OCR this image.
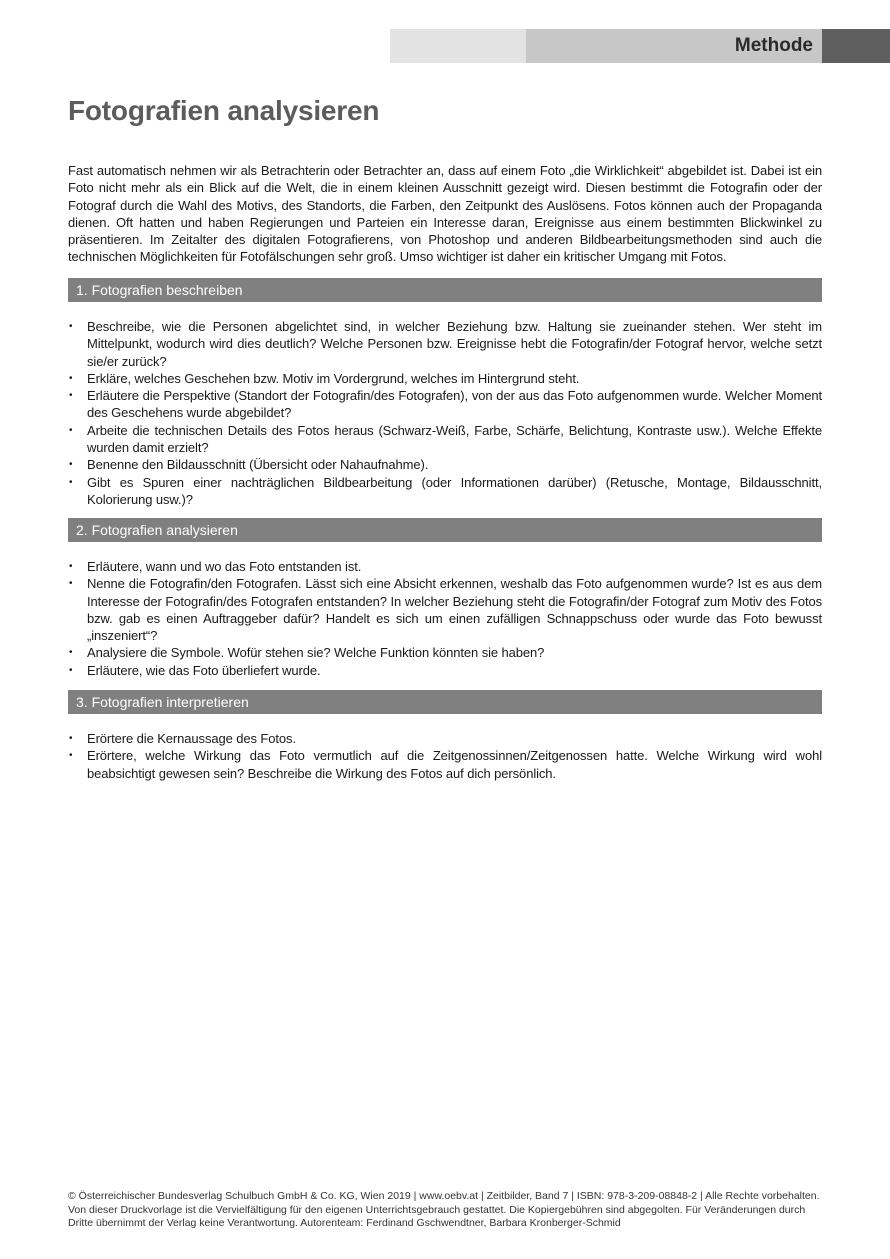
Methode
Fotografien analysieren

Fast automatisch nehmen wir als Betrachterin oder Betrachter an, dass auf einem Foto „die Wirklichkeit“ abgebildet ist. Dabei ist ein Foto nicht mehr als ein Blick auf die Welt, die in einem kleinen Ausschnitt gezeigt wird. Diesen bestimmt die Fotografin oder der Fotograf durch die Wahl des Motivs, des Standorts, die Farben, den Zeitpunkt des Auslösens. Fotos können auch der Propaganda dienen. Oft hatten und haben Regierungen und Parteien ein Interesse daran, Ereignisse aus einem bestimmten Blickwinkel zu präsentieren. Im Zeitalter des digitalen Fotografierens, von Photoshop und anderen Bildbearbeitungsmethoden sind auch die technischen Möglichkeiten für Fotofälschungen sehr groß. Umso wichtiger ist daher ein kritischer Umgang mit Fotos.

1. Fotografien beschreiben
• Beschreibe, wie die Personen abgelichtet sind, in welcher Beziehung bzw. Haltung sie zueinander stehen. Wer steht im Mittelpunkt, wodurch wird dies deutlich? Welche Personen bzw. Ereignisse hebt die Fotografin/der Fotograf hervor, welche setzt sie/er zurück?
• Erkläre, welches Geschehen bzw. Motiv im Vordergrund, welches im Hintergrund steht.
• Erläutere die Perspektive (Standort der Fotografin/des Fotografen), von der aus das Foto aufgenommen wurde. Welcher Moment des Geschehens wurde abgebildet?
• Arbeite die technischen Details des Fotos heraus (Schwarz-Weiß, Farbe, Schärfe, Belichtung, Kontraste usw.). Welche Effekte wurden damit erzielt?
• Benenne den Bildausschnitt (Übersicht oder Nahaufnahme).
• Gibt es Spuren einer nachträglichen Bildbearbeitung (oder Informationen darüber) (Retusche, Montage, Bildausschnitt, Kolorierung usw.)?
2. Fotografien analysieren
• Erläutere, wann und wo das Foto entstanden ist.
• Nenne die Fotografin/den Fotografen. Lässt sich eine Absicht erkennen, weshalb das Foto aufgenommen wurde? Ist es aus dem Interesse der Fotografin/des Fotografen entstanden? In welcher Beziehung steht die Fotografin/der Fotograf zum Motiv des Fotos bzw. gab es einen Auftraggeber dafür? Handelt es sich um einen zufälligen Schnappschuss oder wurde das Foto bewusst „inszeniert“?
• Analysiere die Symbole. Wofür stehen sie? Welche Funktion könnten sie haben?
• Erläutere, wie das Foto überliefert wurde.
3. Fotografien interpretieren
• Erörtere die Kernaussage des Fotos.
• Erörtere, welche Wirkung das Foto vermutlich auf die Zeitgenossinnen/Zeitgenossen hatte. Welche Wirkung wird wohl beabsichtigt gewesen sein? Beschreibe die Wirkung des Fotos auf dich persönlich.

© Österreichischer Bundesverlag Schulbuch GmbH & Co. KG, Wien 2019 | www.oebv.at | Zeitbilder, Band 7 | ISBN: 978-3-209-08848-2 | Alle Rechte vorbehalten. Von dieser Druckvorlage ist die Vervielfältigung für den eigenen Unterrichtsgebrauch gestattet. Die Kopiergebühren sind abgegolten. Für Veränderungen durch Dritte übernimmt der Verlag keine Verantwortung. Autorenteam: Ferdinand Gschwendtner, Barbara Kronberger-Schmid
